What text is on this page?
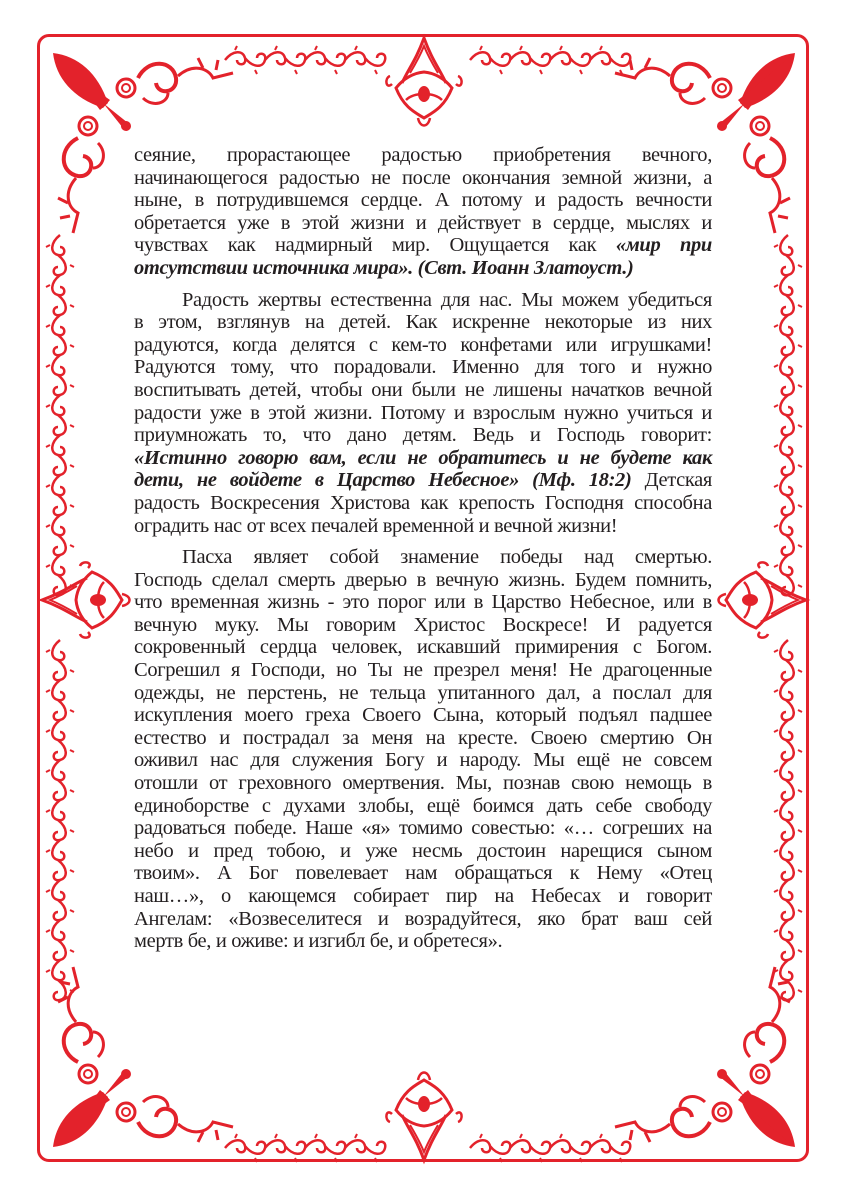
сеяние, прорастающее радостью приобретения вечного,
начинающегося радостью не после окончания земной жизни, а
ныне, в потрудившемся сердце. А потому и радость вечности
обретается уже в этой жизни и действует в сердце, мыслях и
чувствах как надмирный мир. Ощущается как «мир при
отсутствии источника мира». (Свт. Иоанн Златоуст.)
Радость жертвы естественна для нас. Мы можем убедиться
в этом, взглянув на детей. Как искренне некоторые из них
радуются, когда делятся с кем-то конфетами или игрушками!
Радуются тому, что порадовали. Именно для того и нужно
воспитывать детей, чтобы они были не лишены начатков вечной
радости уже в этой жизни. Потому и взрослым нужно учиться и
приумножать то, что дано детям. Ведь и Господь говорит:
«Истинно говорю вам, если не обратитесь и не будете как
дети, не войдете в Царство Небесное» (Мф. 18:2) Детская
радость Воскресения Христова как крепость Господня способна
оградить нас от всех печалей временной и вечной жизни!
Пасха являет собой знамение победы над смертью.
Господь сделал смерть дверью в вечную жизнь. Будем помнить,
что временная жизнь - это порог или в Царство Небесное, или в
вечную муку. Мы говорим Христос Воскресе! И радуется
сокровенный сердца человек, искавший примирения с Богом.
Согрешил я Господи, но Ты не презрел меня! Не драгоценные
одежды, не перстень, не тельца упитанного дал, а послал для
искупления моего греха Своего Сына, который подъял падшее
естество и пострадал за меня на кресте. Своею смертию Он
оживил нас для служения Богу и народу. Мы ещё не совсем
отошли от греховного омертвения. Мы, познав свою немощь в
единоборстве с духами злобы, ещё боимся дать себе свободу
радоваться победе. Наше «я» томимо совестью: «… согреших на
небо и пред тобою, и уже несмь достоин нарещися сыном
твоим». А Бог повелевает нам обращаться к Нему «Отец
наш…», о кающемся собирает пир на Небесах и говорит
Ангелам: «Возвеселитеся и возрадуйтеся, яко брат ваш сей
мертв бе, и оживе: и изгибл бе, и обретеся».
